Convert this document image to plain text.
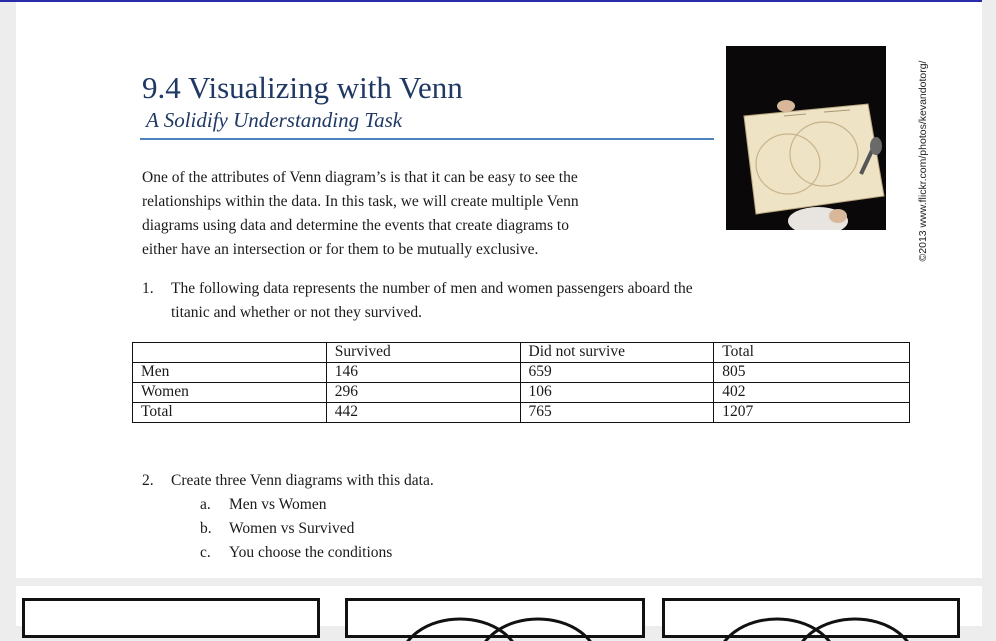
9.4 Visualizing with Venn
A Solidify Understanding Task	©2013 www.flickr.com/photos/kevandotorg/
One of the attributes of Venn diagram’s is that it can be easy to see the
relationships within the data. In this task, we will create multiple Venn
diagrams using data and determine the events that create diagrams to
either have an intersection or for them to be mutually exclusive.
1. The following data represents the number of men and women passengers aboard the
titanic and whether or not they survived.
	Survived	Did not survive	Total
Men	146	659	805
Women	296	106	402
Total	442	765	1207
2. Create three Venn diagrams with this data.
a. Men vs Women
b. Women vs Survived
c. You choose the conditions
